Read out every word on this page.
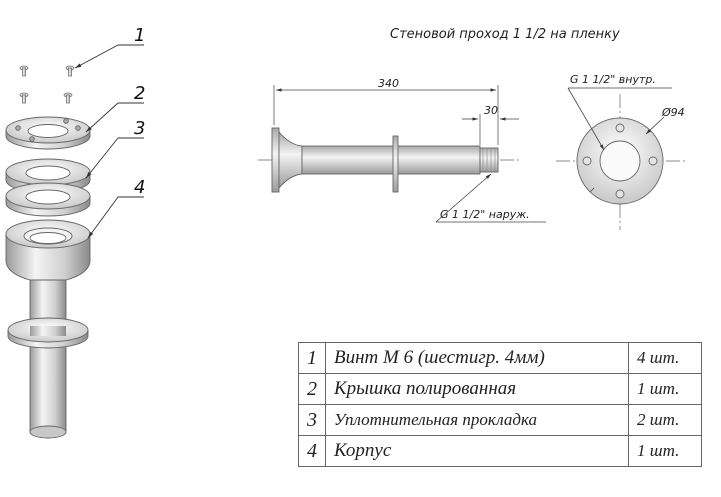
1
2
3
4
Стеновой проход 1 1/2 на пленку
340
30
G 1 1/2" наруж.
G 1 1/2" внутр.
Ø94
1	Винт М 6 (шестигр. 4мм)	4 шт.
2	Крышка полированная	1 шт.
3	Уплотнительная прокладка	2 шт.
4	Корпус	1 шт.
